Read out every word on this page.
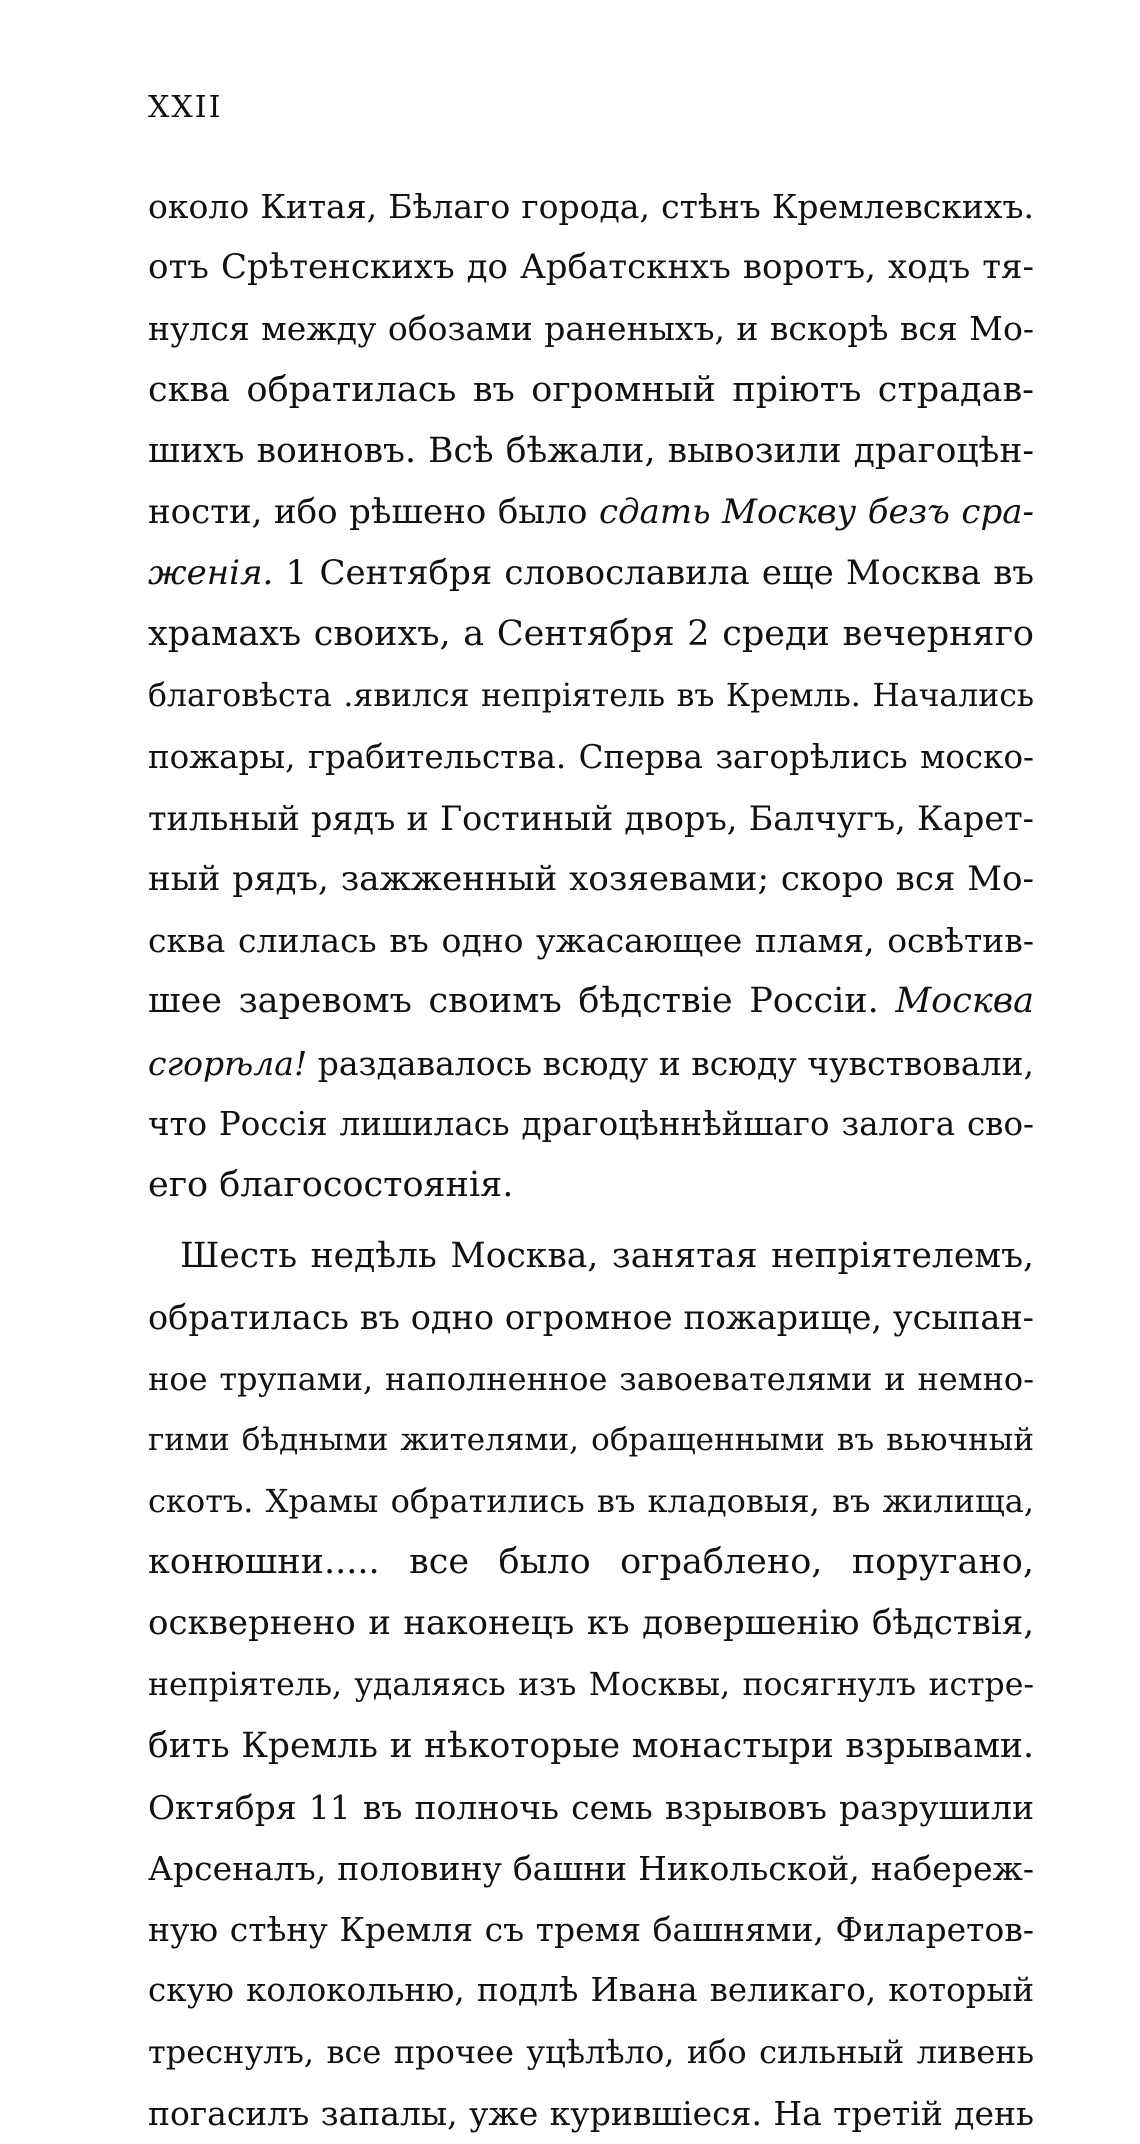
XXII
около Китая, Бѣлаго города, стѣнъ Кремлевскихъ.
отъ Срѣтенскихъ до Арбатскнхъ воротъ, ходъ тя-
нулся между обозами раненыхъ, и вскорѣ вся Мо-
сква обратилась въ огромный прiютъ страдав-
шихъ воиновъ. Всѣ бѣжали, вывозили драгоцѣн-
ности, ибо рѣшено было сдать Москву безъ сра-
женiя. 1 Сентября словославила еще Москва въ
храмахъ своихъ, а Сентября 2 среди вечерняго
благовѣста .явился непрiятель въ Кремль. Начались
пожары, грабительства. Сперва загорѣлись моско-
тильный рядъ и Гостиный дворъ, Балчугъ, Карет-
ный рядъ, зажженный хозяевами; скоро вся Мо-
сква слилась въ одно ужасающее пламя, освѣтив-
шее заревомъ своимъ бѣдствiе Россiи. Москва
сгорѣла! раздавалось всюду и всюду чувствовали,
что Россiя лишилась драгоцѣннѣйшаго залога сво-
его благосостоянiя.
Шесть недѣль Москва, занятая непрiятелемъ,
обратилась въ одно огромное пожарище, усыпан-
ное трупами, наполненное завоевателями и немно-
гими бѣдными жителями, обращенными въ вьючный
скотъ. Храмы обратились въ кладовыя, въ жилища,
конюшни..... все было ограблено, поругано,
осквернено и наконецъ къ довершенiю бѣдствiя,
непрiятель, удаляясь изъ Москвы, посягнулъ истре-
бить Кремль и нѣкоторые монастыри взрывами.
Октября 11 въ полночь семь взрывовъ разрушили
Арсеналъ, половину башни Никольской, набереж-
ную стѣну Кремля съ тремя башнями, Филаретов-
скую колокольню, подлѣ Ивана великаго, который
треснулъ, все прочее уцѣлѣло, ибо сильный ливень
погасилъ запалы, уже курившiеся. На третiй день
